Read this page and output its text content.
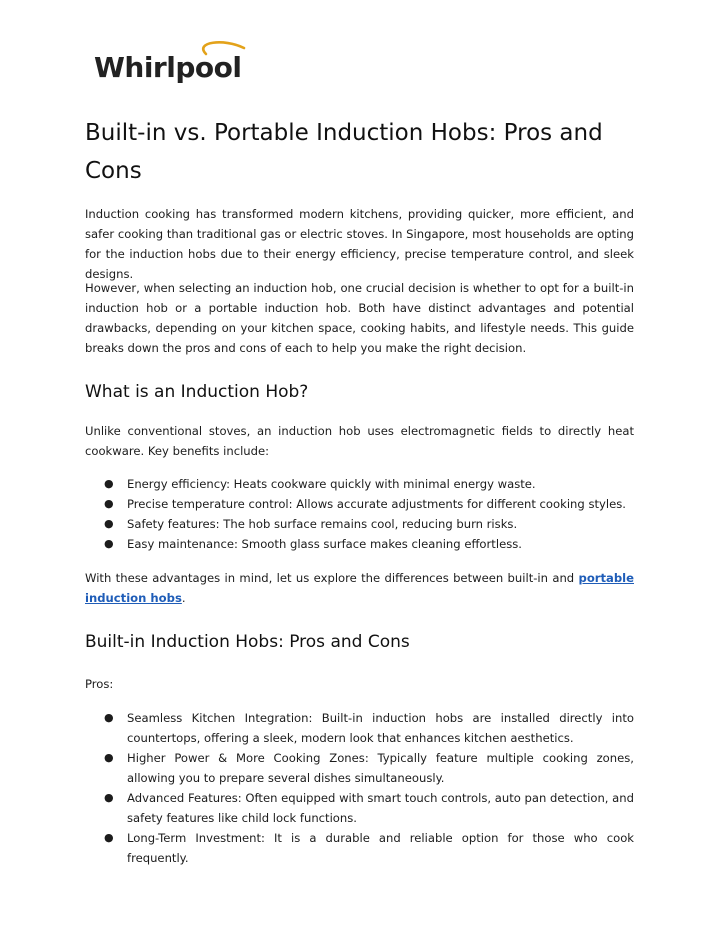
Whirlpool
Built-in vs. Portable Induction Hobs: Pros and Cons

Induction cooking has transformed modern kitchens, providing quicker, more efficient, and safer cooking than traditional gas or electric stoves. In Singapore, most households are opting for the induction hobs due to their energy efficiency, precise temperature control, and sleek designs.

However, when selecting an induction hob, one crucial decision is whether to opt for a built-in induction hob or a portable induction hob. Both have distinct advantages and potential drawbacks, depending on your kitchen space, cooking habits, and lifestyle needs. This guide breaks down the pros and cons of each to help you make the right decision.

What is an Induction Hob?

Unlike conventional stoves, an induction hob uses electromagnetic fields to directly heat cookware. Key benefits include:

● Energy efficiency: Heats cookware quickly with minimal energy waste.
● Precise temperature control: Allows accurate adjustments for different cooking styles.
● Safety features: The hob surface remains cool, reducing burn risks.
● Easy maintenance: Smooth glass surface makes cleaning effortless.

With these advantages in mind, let us explore the differences between built-in and portable induction hobs.

Built-in Induction Hobs: Pros and Cons

Pros:

● Seamless Kitchen Integration: Built-in induction hobs are installed directly into countertops, offering a sleek, modern look that enhances kitchen aesthetics.
● Higher Power & More Cooking Zones: Typically feature multiple cooking zones, allowing you to prepare several dishes simultaneously.
● Advanced Features: Often equipped with smart touch controls, auto pan detection, and safety features like child lock functions.
● Long-Term Investment: It is a durable and reliable option for those who cook frequently.
